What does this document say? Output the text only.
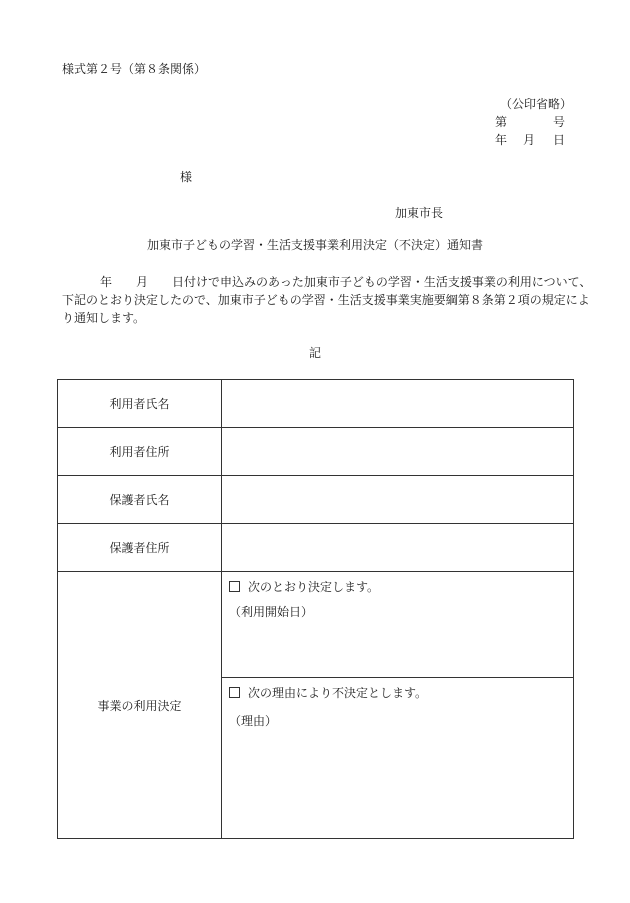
様式第２号（第８条関係）
（公印省略）
第	号
年 月 日
様
加東市長
加東市子どもの学習・生活支援事業利用決定（不決定）通知書
年 月 日付けで申込みのあった加東市子どもの学習・生活支援事業の利用について、
下記のとおり決定したので、加東市子どもの学習・生活支援事業実施要綱第８条第２項の規定によ
り通知します。
記
利用者氏名	
利用者住所	
保護者氏名	
保護者住所	
事業の利用決定	次のとおり決定します。
（利用開始日）
次の理由により不決定とします。
（理由）
